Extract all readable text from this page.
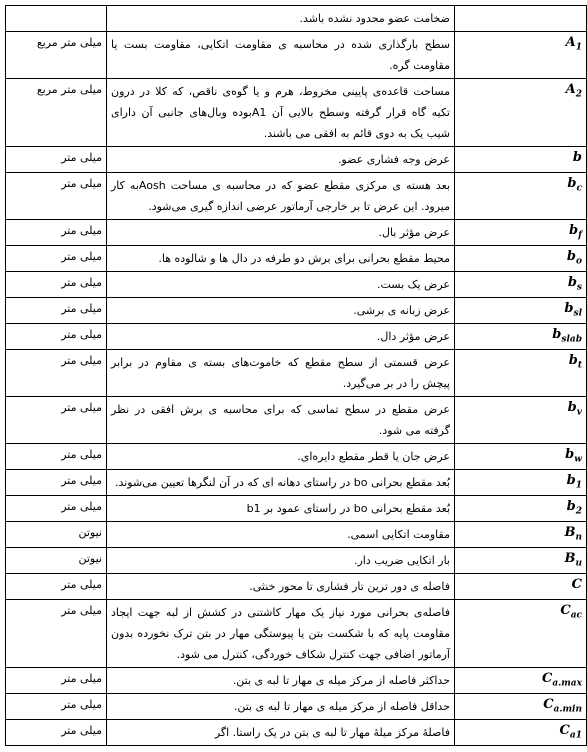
	ضخامت عضو محدود نشده باشد.	
میلی متر مربع	سطح بارگذاری شده در محاسبه ی مقاومت اتکایی، مقاومت بست یا مقاومت گره.	$A_1$
میلی متر مربع	مساحت قاعده‌ی پایینی مخروط، هرم و یا گوه‌ی ناقص، که کلا در درون تکیه گاه قرار گرفته وسطح بالایی آن A1بوده وبال‌های جانبی آن دارای شیب یک به دوی قائم به افقی می باشند.	$A_2$
میلی متر	عرض وجه فشاری عضو.	b
میلی متر	بعد هسته ی مرکزی مقطع عضو که در محاسبه ی مساحت Aoshبه کار میرود. این عرض تا بر خارجی آرماتور عرضی اندازه گیری می‌شود.	$b_c$
میلی متر	عرض مؤثر بال.	$b_f$
میلی متر	محیط مقطع بحرانی برای برش دو طرفه در دال ها و شالوده ها.	$b_o$
میلی متر	عرض یک بست.	$b_s$
میلی متر	عرض زبانه ی برشی.	$b_{sl}$
میلی متر	عرض مؤثر دال.	$b_{slab}$
میلی متر	عرض قسمتی از سطح مقطع که خاموت‌های بسته ی مقاوم در برابر پیچش را در بر می‌گیرد.	$b_t$
میلی متر	عرض مقطع در سطح تماسی که برای محاسبه ی برش افقی در نظر گرفته می شود.	$b_v$
میلی متر	عرض جان یا قطر مقطع دایره‌ای.	$b_w$
میلی متر	بُعد مقطع بحرانی bo در راستای دهانه ای که در آن لنگرها تعیین می‌شوند.	$b_1$
میلی متر	بُعد مقطع بحرانی bo در راستای عمود بر b1	$b_2$
نیوتن	مقاومت اتکایی اسمی.	$B_n$
نیوتن	بار اتکایی ضریب دار.	$B_u$
میلی متر	فاصله ی دور ترین تار فشاری تا محور خنثی.	C
میلی متر	فاصله‌ی بحرانی مورد نیاز یک مهار کاشتنی در کشش از لبه جهت ایجاد مقاومت پایه که با شکست بتن یا پیوستگی مهار در بتن ترک نخورده بدون آرماتور اضافی جهت کنترل شکاف خوردگی، کنترل می شود.	$C_{ac}$
میلی متر	حداکثر فاصله از مرکز میله ی مهار تا لبه ی بتن.	$C_{a.max}$
میلی متر	حداقل فاصله از مرکز میله ی مهار تا لبه ی بتن.	$C_{a.min}$
میلی متر	فاصلۀ مرکز میلۀ مهار تا لبه ی بتن در یک راستا. اگر	$C_{a1}$
